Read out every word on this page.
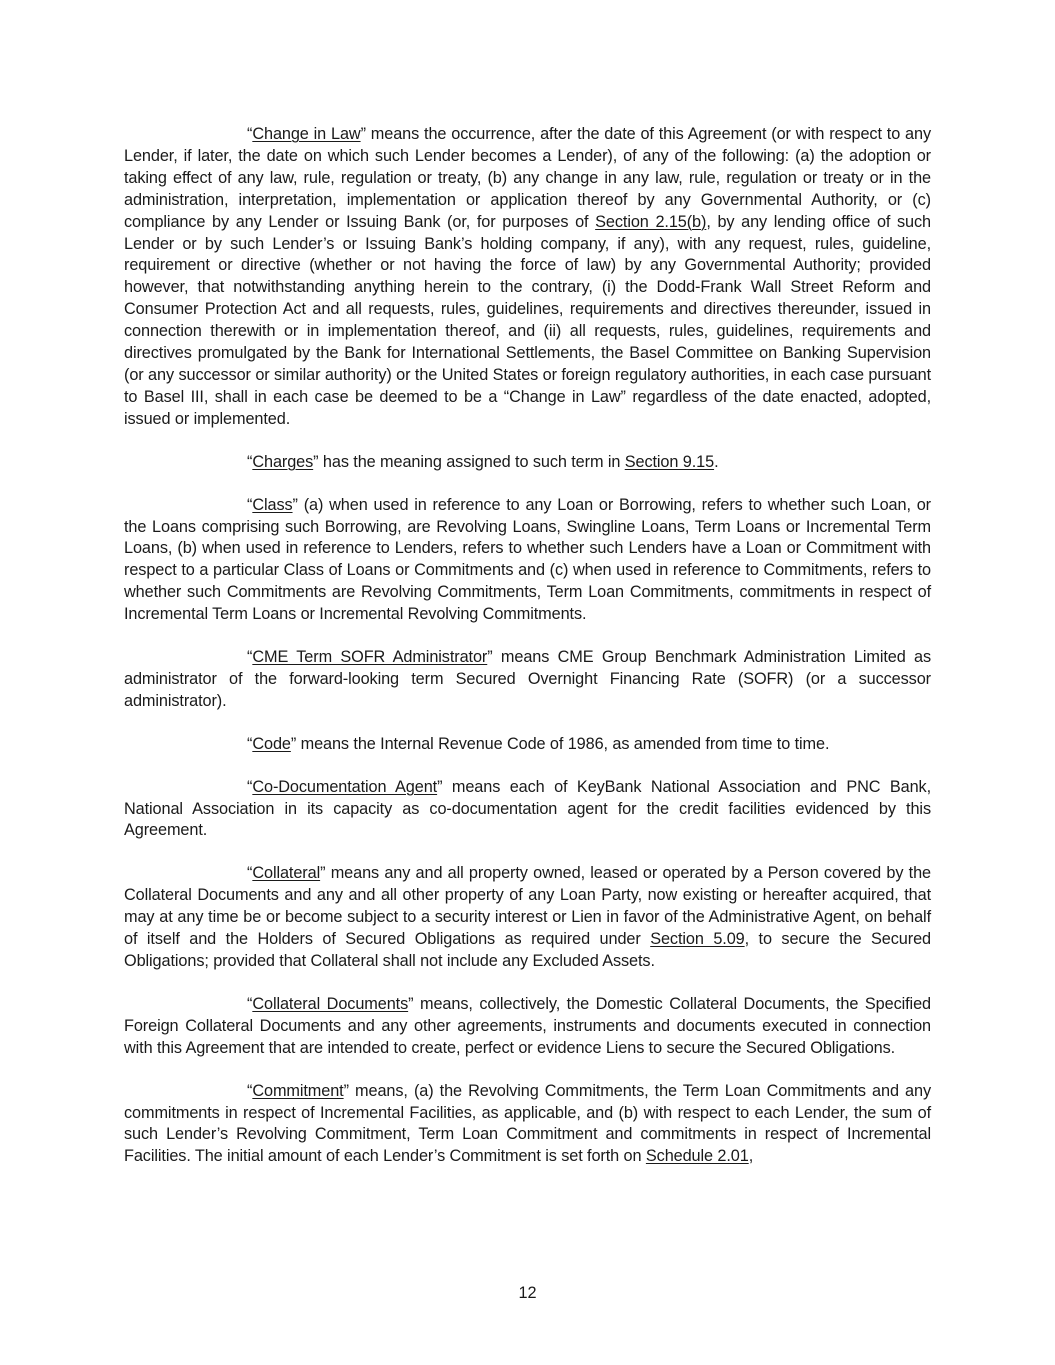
“Change in Law” means the occurrence, after the date of this Agreement (or with respect to any Lender, if later, the date on which such Lender becomes a Lender), of any of the following: (a) the adoption or taking effect of any law, rule, regulation or treaty, (b) any change in any law, rule, regulation or treaty or in the administration, interpretation, implementation or application thereof by any Governmental Authority, or (c) compliance by any Lender or Issuing Bank (or, for purposes of Section 2.15(b), by any lending office of such Lender or by such Lender’s or Issuing Bank’s holding company, if any), with any request, rules, guideline, requirement or directive (whether or not having the force of law) by any Governmental Authority; provided however, that notwithstanding anything herein to the contrary, (i) the Dodd-Frank Wall Street Reform and Consumer Protection Act and all requests, rules, guidelines, requirements and directives thereunder, issued in connection therewith or in implementation thereof, and (ii) all requests, rules, guidelines, requirements and directives promulgated by the Bank for International Settlements, the Basel Committee on Banking Supervision (or any successor or similar authority) or the United States or foreign regulatory authorities, in each case pursuant to Basel III, shall in each case be deemed to be a “Change in Law” regardless of the date enacted, adopted, issued or implemented.

“Charges” has the meaning assigned to such term in Section 9.15.

“Class” (a) when used in reference to any Loan or Borrowing, refers to whether such Loan, or the Loans comprising such Borrowing, are Revolving Loans, Swingline Loans, Term Loans or Incremental Term Loans, (b) when used in reference to Lenders, refers to whether such Lenders have a Loan or Commitment with respect to a particular Class of Loans or Commitments and (c) when used in reference to Commitments, refers to whether such Commitments are Revolving Commitments, Term Loan Commitments, commitments in respect of Incremental Term Loans or Incremental Revolving Commitments.

“CME Term SOFR Administrator” means CME Group Benchmark Administration Limited as administrator of the forward-looking term Secured Overnight Financing Rate (SOFR) (or a successor administrator).

“Code” means the Internal Revenue Code of 1986, as amended from time to time.

“Co-Documentation Agent” means each of KeyBank National Association and PNC Bank, National Association in its capacity as co-documentation agent for the credit facilities evidenced by this Agreement.

“Collateral” means any and all property owned, leased or operated by a Person covered by the Collateral Documents and any and all other property of any Loan Party, now existing or hereafter acquired, that may at any time be or become subject to a security interest or Lien in favor of the Administrative Agent, on behalf of itself and the Holders of Secured Obligations as required under Section 5.09, to secure the Secured Obligations; provided that Collateral shall not include any Excluded Assets.

“Collateral Documents” means, collectively, the Domestic Collateral Documents, the Specified Foreign Collateral Documents and any other agreements, instruments and documents executed in connection with this Agreement that are intended to create, perfect or evidence Liens to secure the Secured Obligations.

“Commitment” means, (a) the Revolving Commitments, the Term Loan Commitments and any commitments in respect of Incremental Facilities, as applicable, and (b) with respect to each Lender, the sum of such Lender’s Revolving Commitment, Term Loan Commitment and commitments in respect of Incremental Facilities. The initial amount of each Lender’s Commitment is set forth on Schedule 2.01,

12
